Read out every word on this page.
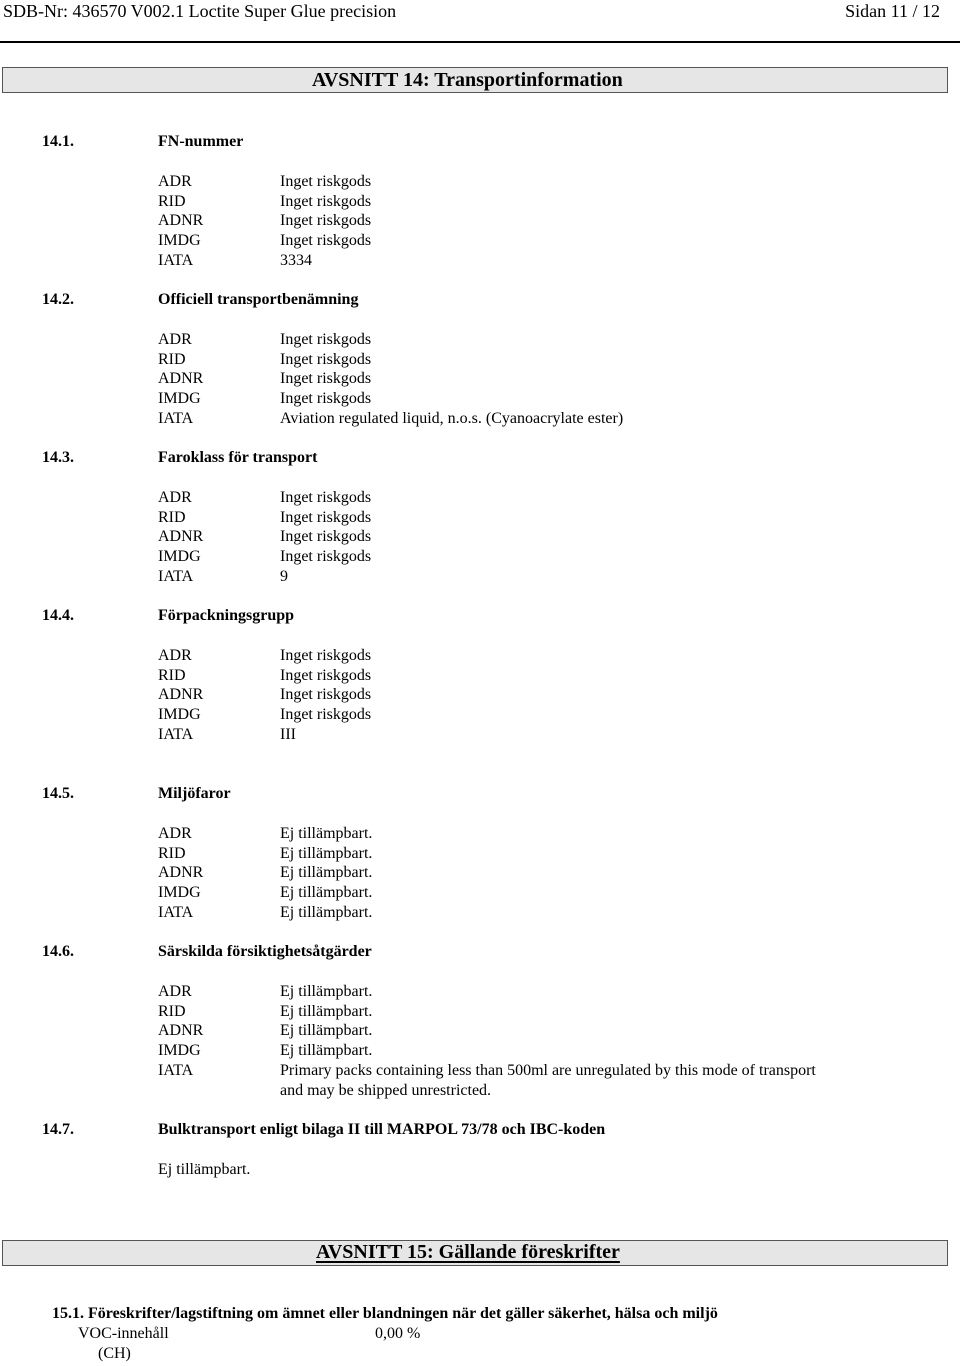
SDB-Nr: 436570 V002.1 Loctite Super Glue precision	Sidan 11 / 12
AVSNITT 14: Transportinformation
14.1.	FN-nummer
ADR	Inget riskgods
RID	Inget riskgods
ADNR	Inget riskgods
IMDG	Inget riskgods
IATA	3334
14.2.	Officiell transportbenämning
ADR	Inget riskgods
RID	Inget riskgods
ADNR	Inget riskgods
IMDG	Inget riskgods
IATA	Aviation regulated liquid, n.o.s. (Cyanoacrylate ester)
14.3.	Faroklass för transport
ADR	Inget riskgods
RID	Inget riskgods
ADNR	Inget riskgods
IMDG	Inget riskgods
IATA	9
14.4.	Förpackningsgrupp
ADR	Inget riskgods
RID	Inget riskgods
ADNR	Inget riskgods
IMDG	Inget riskgods
IATA	III
14.5.	Miljöfaror
ADR	Ej tillämpbart.
RID	Ej tillämpbart.
ADNR	Ej tillämpbart.
IMDG	Ej tillämpbart.
IATA	Ej tillämpbart.
14.6.	Särskilda försiktighetsåtgärder
ADR	Ej tillämpbart.
RID	Ej tillämpbart.
ADNR	Ej tillämpbart.
IMDG	Ej tillämpbart.
IATA	Primary packs containing less than 500ml are unregulated by this mode of transport
and may be shipped unrestricted.
14.7.	Bulktransport enligt bilaga II till MARPOL 73/78 och IBC-koden
Ej tillämpbart.
AVSNITT 15: Gällande föreskrifter
15.1. Föreskrifter/lagstiftning om ämnet eller blandningen när det gäller säkerhet, hälsa och miljö
VOC-innehåll	0,00 %
(CH)
